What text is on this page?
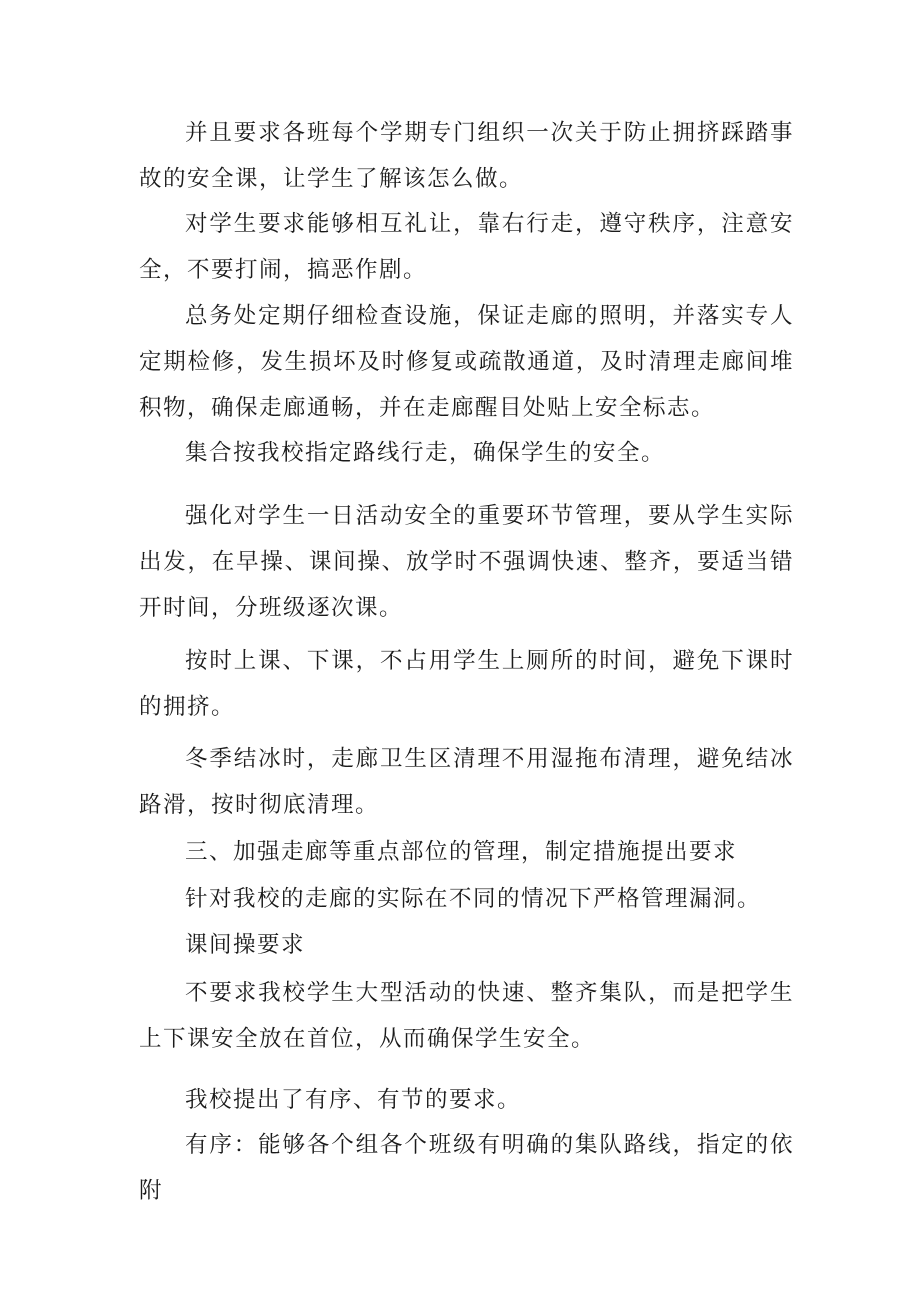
并且要求各班每个学期专门组织一次关于防止拥挤踩踏事故的安全课，让学生了解该怎么做。

对学生要求能够相互礼让，靠右行走，遵守秩序，注意安全，不要打闹，搞恶作剧。

总务处定期仔细检查设施，保证走廊的照明，并落实专人定期检修，发生损坏及时修复或疏散通道，及时清理走廊间堆积物，确保走廊通畅，并在走廊醒目处贴上安全标志。

集合按我校指定路线行走，确保学生的安全。

强化对学生一日活动安全的重要环节管理，要从学生实际出发，在早操、课间操、放学时不强调快速、整齐，要适当错开时间，分班级逐次课。

按时上课、下课，不占用学生上厕所的时间，避免下课时的拥挤。

冬季结冰时，走廊卫生区清理不用湿拖布清理，避免结冰路滑，按时彻底清理。

三、加强走廊等重点部位的管理，制定措施提出要求

针对我校的走廊的实际在不同的情况下严格管理漏洞。

课间操要求

不要求我校学生大型活动的快速、整齐集队，而是把学生上下课安全放在首位，从而确保学生安全。

我校提出了有序、有节的要求。

有序：能够各个组各个班级有明确的集队路线，指定的依附
